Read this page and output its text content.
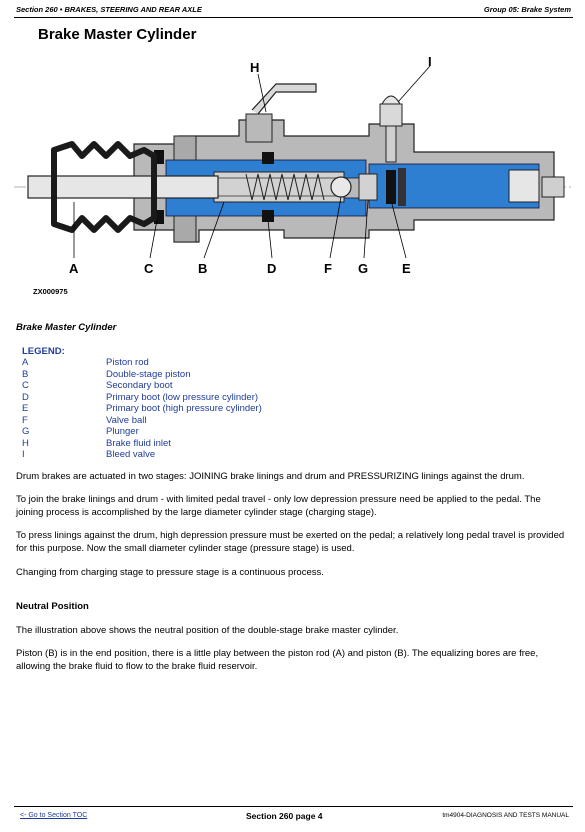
Section 260 • BRAKES, STEERING AND REAR AXLE	Group 05: Brake System
Brake Master Cylinder
A	C	B	D	F G	E
H	I
ZX000975
Brake Master Cylinder
LEGEND:
A	Piston rod
B	Double-stage piston
C	Secondary boot
D	Primary boot (low pressure cylinder)
E	Primary boot (high pressure cylinder)
F	Valve ball
G	Plunger
H	Brake fluid inlet
I	Bleed valve
Drum brakes are actuated in two stages: JOINING brake linings and drum and PRESSURIZING linings against the drum.
To join the brake linings and drum - with limited pedal travel - only low depression pressure need be applied to the pedal. The joining process is accomplished by the large diameter cylinder stage (charging stage).
To press linings against the drum, high depression pressure must be exerted on the pedal; a relatively long pedal travel is provided for this purpose. Now the small diameter cylinder stage (pressure stage) is used.
Changing from charging stage to pressure stage is a continuous process.
Neutral Position
The illustration above shows the neutral position of the double-stage brake master cylinder.
Piston (B) is in the end position, there is a little play between the piston rod (A) and piston (B). The equalizing bores are free, allowing the brake fluid to flow to the brake fluid reservoir.
<- Go to Section TOC	Section 260 page 4	tm4904-DIAGNOSIS AND TESTS MANUAL
